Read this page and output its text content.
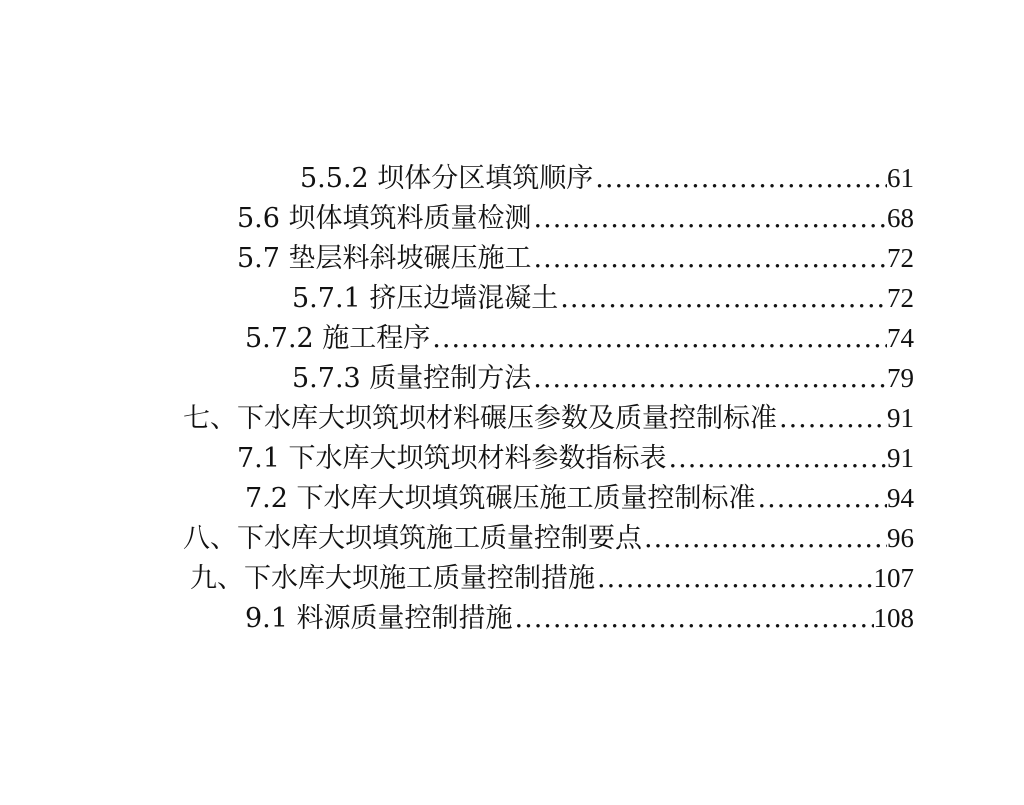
5.5.2 坝体分区填筑顺序 .....	61
5.6 坝体填筑料质量检测 .....	68
5.7 垫层料斜坡碾压施工 .....	72
5.7.1 挤压边墙混凝土 .....	72
5.7.2 施工程序 .....	74
5.7.3 质量控制方法 .....	79
七、下水库大坝筑坝材料碾压参数及质量控制标准 .....	91
7.1 下水库大坝筑坝材料参数指标表 .....	91
7.2 下水库大坝填筑碾压施工质量控制标准 .....	94
八、下水库大坝填筑施工质量控制要点 .....	96
九、下水库大坝施工质量控制措施 .....	107
9.1 料源质量控制措施 .....	108
